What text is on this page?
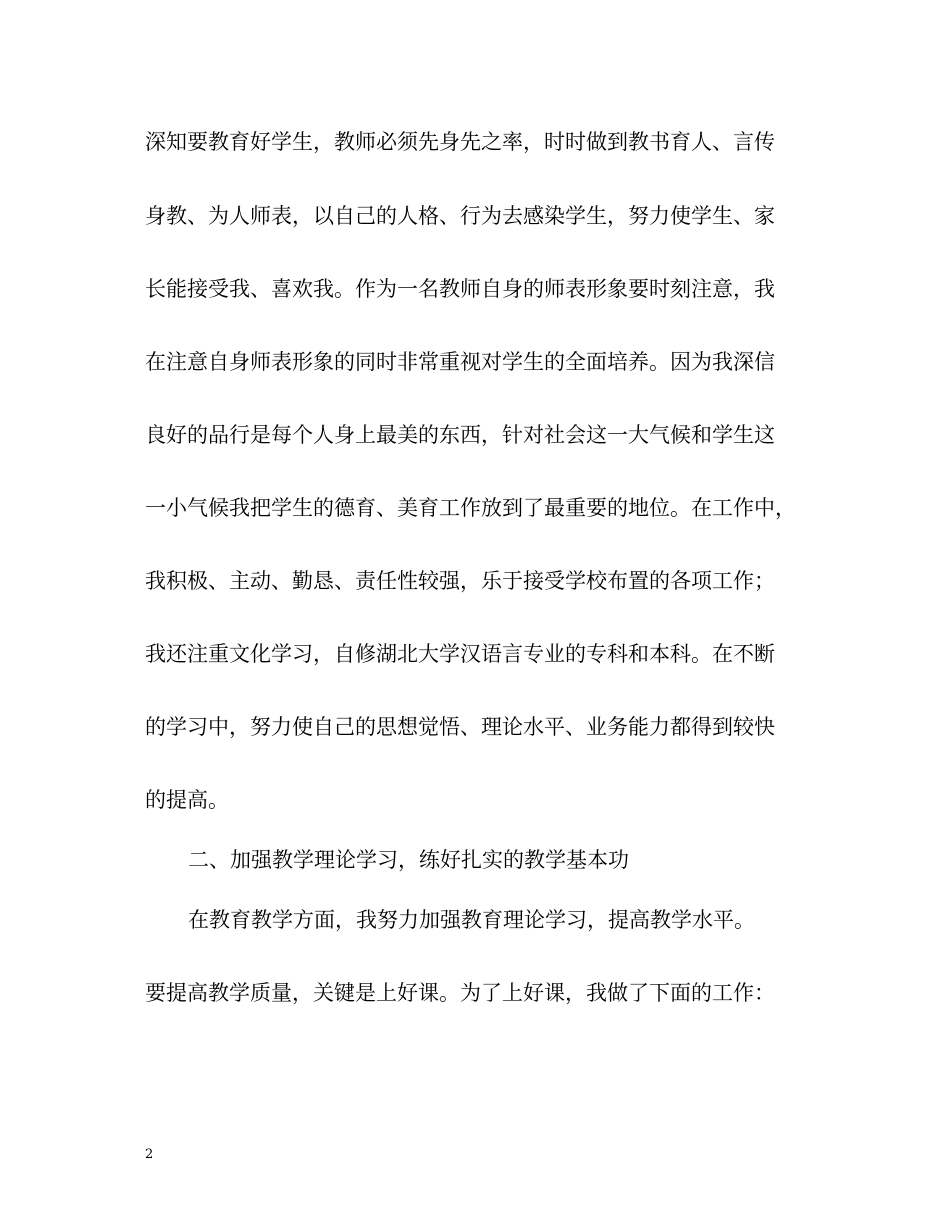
深知要教育好学生，教师必须先身先之率，时时做到教书育人、言传
身教、为人师表，以自己的人格、行为去感染学生，努力使学生、家
长能接受我、喜欢我。作为一名教师自身的师表形象要时刻注意，我
在注意自身师表形象的同时非常重视对学生的全面培养。因为我深信
良好的品行是每个人身上最美的东西，针对社会这一大气候和学生这
一小气候我把学生的德育、美育工作放到了最重要的地位。在工作中，
我积极、主动、勤恳、责任性较强，乐于接受学校布置的各项工作；
我还注重文化学习，自修湖北大学汉语言专业的专科和本科。在不断
的学习中，努力使自己的思想觉悟、理论水平、业务能力都得到较快
的提高。
二、加强教学理论学习，练好扎实的教学基本功
在教育教学方面，我努力加强教育理论学习，提高教学水平。
要提高教学质量，关键是上好课。为了上好课，我做了下面的工作：
2
